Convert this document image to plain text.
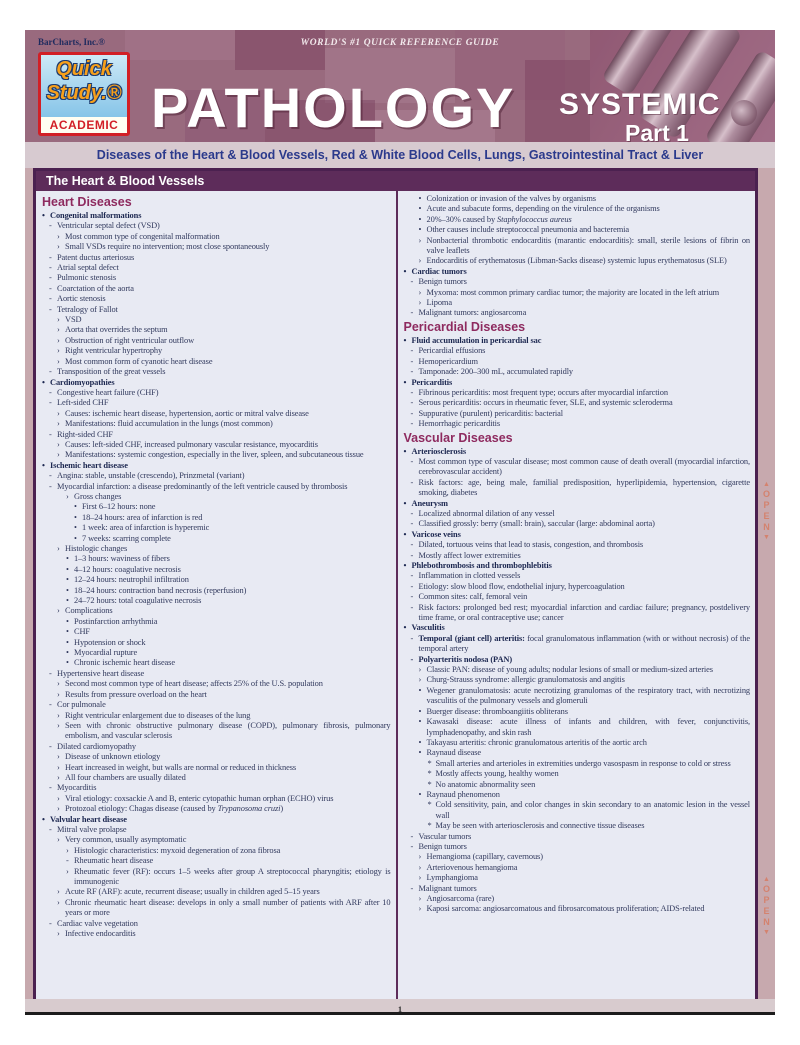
BarCharts, Inc.®
Quick
Study.®
ACADEMIC
WORLD'S #1 QUICK REFERENCE GUIDE
PATHOLOGY SYSTEMIC
Part 1
Diseases of the Heart & Blood Vessels, Red & White Blood Cells, Lungs, Gastrointestinal Tract & Liver
The Heart & Blood Vessels
Heart Diseases
• Congenital malformations
- Ventricular septal defect (VSD)
› Most common type of congenital malformation
› Small VSDs require no intervention; most close spontaneously
- Patent ductus arteriosus
- Atrial septal defect
- Pulmonic stenosis
- Coarctation of the aorta
- Aortic stenosis
- Tetralogy of Fallot
› VSD
› Aorta that overrides the septum
› Obstruction of right ventricular outflow
› Right ventricular hypertrophy
› Most common form of cyanotic heart disease
- Transposition of the great vessels
• Cardiomyopathies
- Congestive heart failure (CHF)
- Left-sided CHF
› Causes: ischemic heart disease, hypertension, aortic or mitral valve disease
› Manifestations: fluid accumulation in the lungs (most common)
- Right-sided CHF
› Causes: left-sided CHF, increased pulmonary vascular resistance, myocarditis
› Manifestations: systemic congestion, especially in the liver, spleen, and subcutaneous tissue
• Ischemic heart disease
- Angina: stable, unstable (crescendo), Prinzmetal (variant)
- Myocardial infarction: a disease predominantly of the left ventricle caused by thrombosis
› Gross changes
• First 6–12 hours: none
• 18–24 hours: area of infarction is red
• 1 week: area of infarction is hyperemic
• 7 weeks: scarring complete
› Histologic changes
• 1–3 hours: waviness of fibers
• 4–12 hours: coagulative necrosis
• 12–24 hours: neutrophil infiltration
• 18–24 hours: contraction band necrosis (reperfusion)
• 24–72 hours: total coagulative necrosis
› Complications
• Postinfarction arrhythmia
• CHF
• Hypotension or shock
• Myocardial rupture
• Chronic ischemic heart disease
- Hypertensive heart disease
› Second most common type of heart disease; affects 25% of the U.S. population
› Results from pressure overload on the heart
- Cor pulmonale
› Right ventricular enlargement due to diseases of the lung
› Seen with chronic obstructive pulmonary disease (COPD), pulmonary fibrosis, pulmonary embolism, and vascular sclerosis
- Dilated cardiomyopathy
› Disease of unknown etiology
› Heart increased in weight, but walls are normal or reduced in thickness
› All four chambers are usually dilated
- Myocarditis
› Viral etiology: coxsackie A and B, enteric cytopathic human orphan (ECHO) virus
› Protozoal etiology: Chagas disease (caused by Trypanosoma cruzi)
• Valvular heart disease
- Mitral valve prolapse
› Very common, usually asymptomatic
› Histologic characteristics: myxoid degeneration of zona fibrosa
- Rheumatic heart disease
› Rheumatic fever (RF): occurs 1–5 weeks after group A streptococcal pharyngitis; etiology is immunogenic
› Acute RF (ARF): acute, recurrent disease; usually in children aged 5–15 years
› Chronic rheumatic heart disease: develops in only a small number of patients with ARF after 10 years or more
- Cardiac valve vegetation
› Infective endocarditis
• Colonization or invasion of the valves by organisms
• Acute and subacute forms, depending on the virulence of the organisms
• 20%–30% caused by Staphylococcus aureus
• Other causes include streptococcal pneumonia and bacteremia
› Nonbacterial thrombotic endocarditis (marantic endocarditis): small, sterile lesions of fibrin on valve leaflets
› Endocarditis of erythematosus (Libman-Sacks disease) systemic lupus erythematosus (SLE)
• Cardiac tumors
- Benign tumors
› Myxoma: most common primary cardiac tumor; the majority are located in the left atrium
› Lipoma
- Malignant tumors: angiosarcoma
Pericardial Diseases
• Fluid accumulation in pericardial sac
- Pericardial effusions
- Hemopericardium
- Tamponade: 200–300 mL, accumulated rapidly
• Pericarditis
- Fibrinous pericarditis: most frequent type; occurs after myocardial infarction
- Serous pericarditis: occurs in rheumatic fever, SLE, and systemic scleroderma
- Suppurative (purulent) pericarditis: bacterial
- Hemorrhagic pericarditis
Vascular Diseases
• Arteriosclerosis
- Most common type of vascular disease; most common cause of death overall (myocardial infarction, cerebrovascular accident)
- Risk factors: age, being male, familial predisposition, hyperlipidemia, hypertension, cigarette smoking, diabetes
• Aneurysm
- Localized abnormal dilation of any vessel
- Classified grossly: berry (small: brain), saccular (large: abdominal aorta)
• Varicose veins
- Dilated, tortuous veins that lead to stasis, congestion, and thrombosis
- Mostly affect lower extremities
• Phlebothrombosis and thrombophlebitis
- Inflammation in clotted vessels
- Etiology: slow blood flow, endothelial injury, hypercoagulation
- Common sites: calf, femoral vein
- Risk factors: prolonged bed rest; myocardial infarction and cardiac failure; pregnancy, postdelivery time frame, or oral contraceptive use; cancer
• Vasculitis
- Temporal (giant cell) arteritis: focal granulomatous inflammation (with or without necrosis) of the temporal artery
- Polyarteritis nodosa (PAN)
› Classic PAN: disease of young adults; nodular lesions of small or medium-sized arteries
› Churg-Strauss syndrome: allergic granulomatosis and angitis
• Wegener granulomatosis: acute necrotizing granulomas of the respiratory tract, with necrotizing vasculitis of the pulmonary vessels and glomeruli
• Buerger disease: thromboangiitis obliterans
• Kawasaki disease: acute illness of infants and children, with fever, conjunctivitis, lymphadenopathy, and skin rash
• Takayasu arteritis: chronic granulomatous arteritis of the aortic arch
• Raynaud disease
* Small arteries and arterioles in extremities undergo vasospasm in response to cold or stress
* Mostly affects young, healthy women
* No anatomic abnormality seen
• Raynaud phenomenon
* Cold sensitivity, pain, and color changes in skin secondary to an anatomic lesion in the vessel wall
* May be seen with arteriosclerosis and connective tissue diseases
- Vascular tumors
- Benign tumors
› Hemangioma (capillary, cavernous)
› Arteriovenous hemangioma
› Lymphangioma
- Malignant tumors
› Angiosarcoma (rare)
› Kaposi sarcoma: angiosarcomatous and fibrosarcomatous proliferation; AIDS-related
▲
O
P
E
N
▼
▲
O
P
E
N
▼
1
